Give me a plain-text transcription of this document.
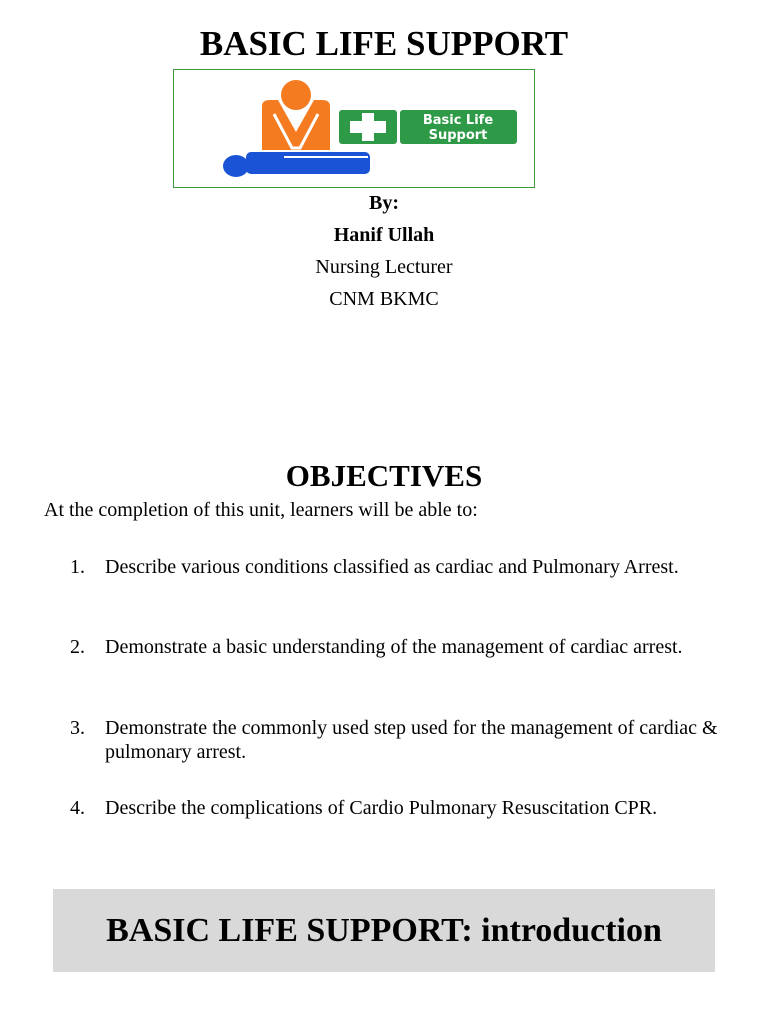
BASIC LIFE SUPPORT
Basic Life
Support
By:
Hanif Ullah
Nursing Lecturer
CNM BKMC
OBJECTIVES
At the completion of this unit, learners will be able to:
1.	Describe various conditions classified as cardiac and Pulmonary Arrest.
2.	Demonstrate a basic understanding of the management of cardiac arrest.
3.	Demonstrate the commonly used step used for the management of cardiac & pulmonary arrest.
4.	Describe the complications of Cardio Pulmonary Resuscitation CPR.
BASIC LIFE SUPPORT: introduction
